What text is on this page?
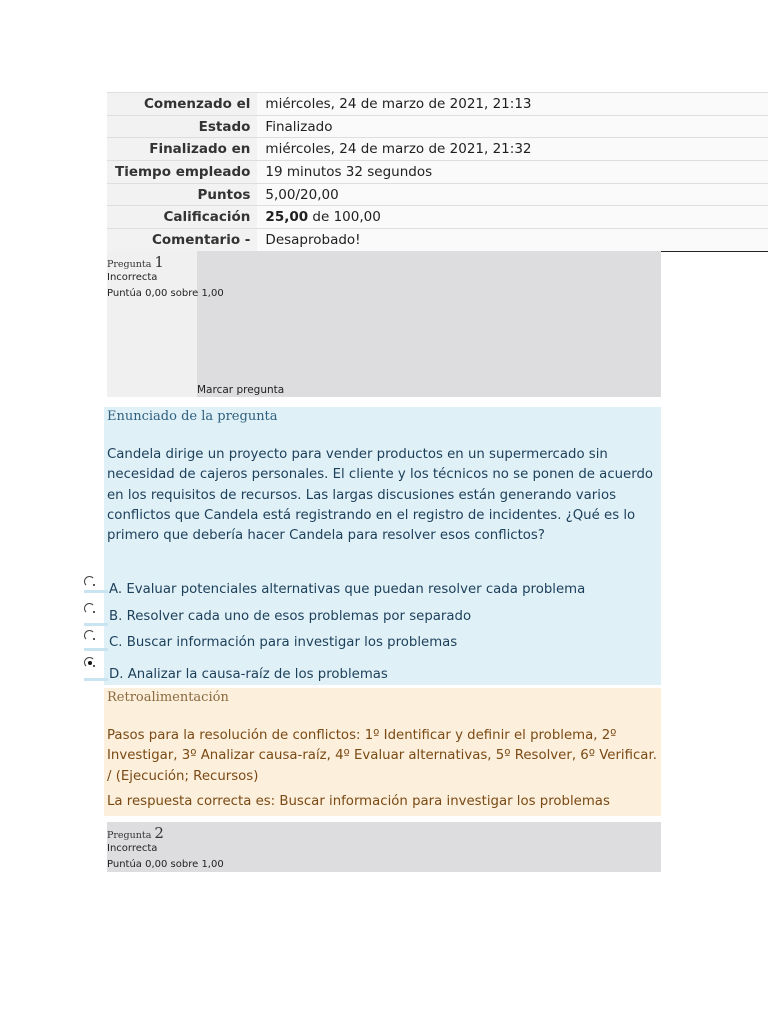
Comenzado el	miércoles, 24 de marzo de 2021, 21:13
Estado	Finalizado
Finalizado en	miércoles, 24 de marzo de 2021, 21:32
Tiempo empleado	19 minutos 32 segundos
Puntos	5,00/20,00
Calificación	25,00 de 100,00
Comentario -	Desaprobado!
Pregunta 1
Incorrecta
Puntúa 0,00 sobre 1,00
Marcar pregunta
Enunciado de la pregunta
Candela dirige un proyecto para vender productos en un supermercado sin necesidad de cajeros personales. El cliente y los técnicos no se ponen de acuerdo en los requisitos de recursos. Las largas discusiones están generando varios conflictos que Candela está registrando en el registro de incidentes. ¿Qué es lo primero que debería hacer Candela para resolver esos conflictos?
A. Evaluar potenciales alternativas que puedan resolver cada problema
B. Resolver cada uno de esos problemas por separado
C. Buscar información para investigar los problemas
D. Analizar la causa-raíz de los problemas
Retroalimentación
Pasos para la resolución de conflictos: 1º Identificar y definir el problema, 2º Investigar, 3º Analizar causa-raíz, 4º Evaluar alternativas, 5º Resolver, 6º Verificar. / (Ejecución; Recursos)
La respuesta correcta es: Buscar información para investigar los problemas
Pregunta 2
Incorrecta
Puntúa 0,00 sobre 1,00
